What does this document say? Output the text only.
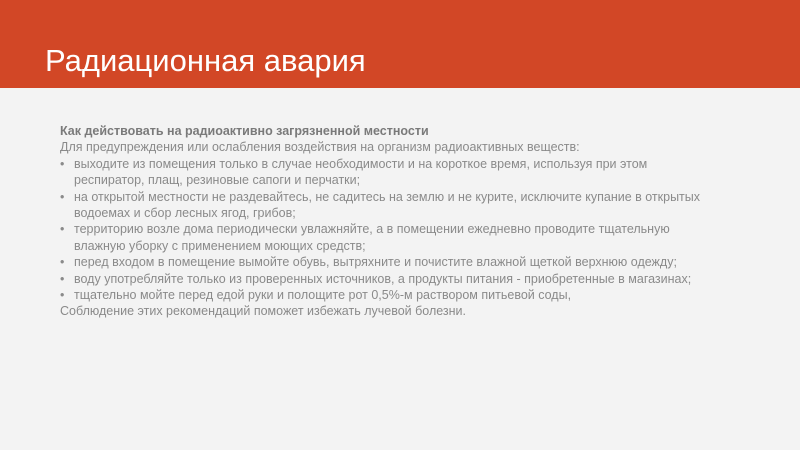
Радиационная авария

Как действовать на радиоактивно загрязненной местности

Для предупреждения или ослабления воздействия на организм радиоактивных веществ:

• выходите из помещения только в случае необходимости и на короткое время, используя при этом
респиратор, плащ, резиновые сапоги и перчатки;
• на открытой местности не раздевайтесь, не садитесь на землю и не курите, исключите купание в открытых
водоемах и сбор лесных ягод, грибов;
• территорию возле дома периодически увлажняйте, а в помещении ежедневно проводите тщательную
влажную уборку с применением моющих средств;
• перед входом в помещение вымойте обувь, вытряхните и почистите влажной щеткой верхнюю одежду;
• воду употребляйте только из проверенных источников, а продукты питания - приобретенные в магазинах;
• тщательно мойте перед едой руки и полощите рот 0,5%-м раствором питьевой соды,

Соблюдение этих рекомендаций поможет избежать лучевой болезни.
